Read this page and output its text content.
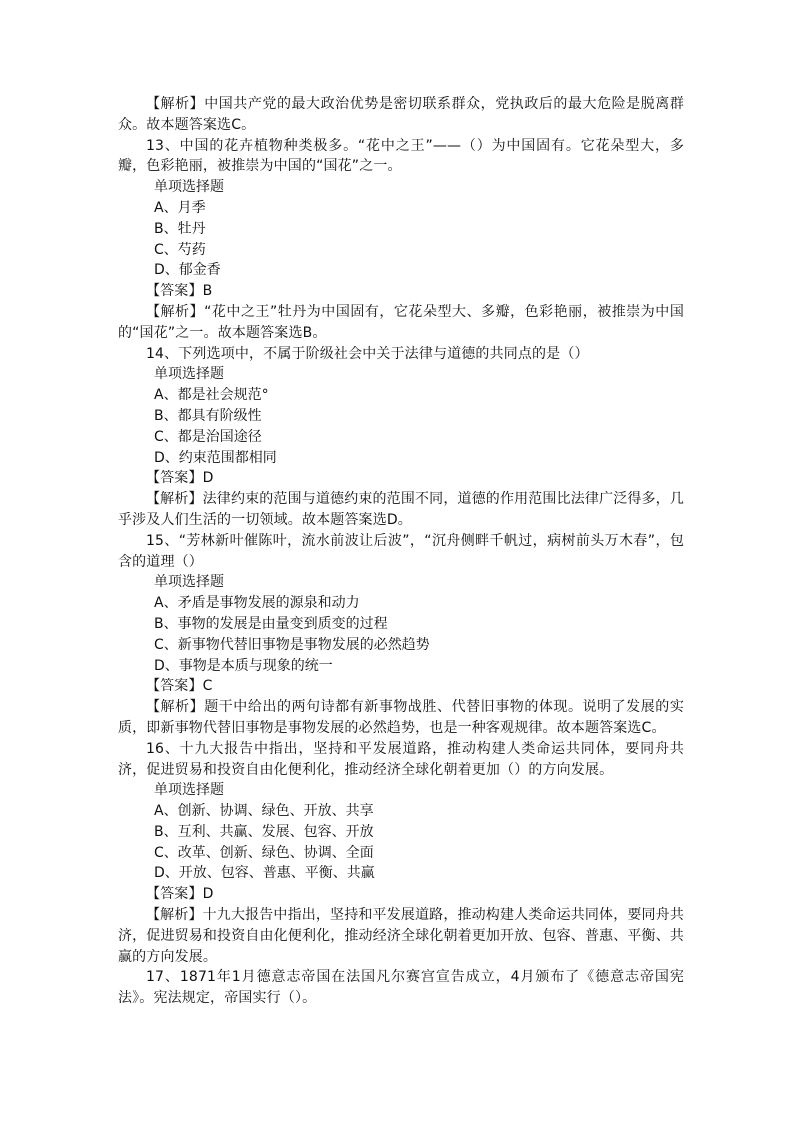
【解析】中国共产党的最大政治优势是密切联系群众，党执政后的最大危险是脱离群众。故本题答案选C。

13、中国的花卉植物种类极多。“花中之王”——（）为中国固有。它花朵型大，多瓣，色彩艳丽，被推崇为中国的“国花”之一。

单项选择题

A、月季

B、牡丹

C、芍药

D、郁金香

【答案】B

【解析】“花中之王”牡丹为中国固有，它花朵型大、多瓣，色彩艳丽，被推崇为中国的“国花”之一。故本题答案选B。

14、下列选项中，不属于阶级社会中关于法律与道德的共同点的是（）

单项选择题

A、都是社会规范°

B、都具有阶级性

C、都是治国途径

D、约束范围都相同

【答案】D

【解析】法律约束的范围与道德约束的范围不同，道德的作用范围比法律广泛得多，几乎涉及人们生活的一切领域。故本题答案选D。

15、“芳林新叶催陈叶，流水前波让后波”，“沉舟侧畔千帆过，病树前头万木春”，包含的道理（）

单项选择题

A、矛盾是事物发展的源泉和动力

B、事物的发展是由量变到质变的过程

C、新事物代替旧事物是事物发展的必然趋势

D、事物是本质与现象的统一

【答案】C

【解析】题干中给出的两句诗都有新事物战胜、代替旧事物的体现。说明了发展的实质，即新事物代替旧事物是事物发展的必然趋势，也是一种客观规律。故本题答案选C。

16、十九大报告中指出，坚持和平发展道路，推动构建人类命运共同体，要同舟共济，促进贸易和投资自由化便利化，推动经济全球化朝着更加（）的方向发展。

单项选择题

A、创新、协调、绿色、开放、共享

B、互利、共赢、发展、包容、开放

C、改革、创新、绿色、协调、全面

D、开放、包容、普惠、平衡、共赢

【答案】D

【解析】十九大报告中指出，坚持和平发展道路，推动构建人类命运共同体，要同舟共济，促进贸易和投资自由化便利化，推动经济全球化朝着更加开放、包容、普惠、平衡、共赢的方向发展。

17、1871年1月德意志帝国在法国凡尔赛宫宣告成立，4月颁布了《德意志帝国宪法》。宪法规定，帝国实行（）。
